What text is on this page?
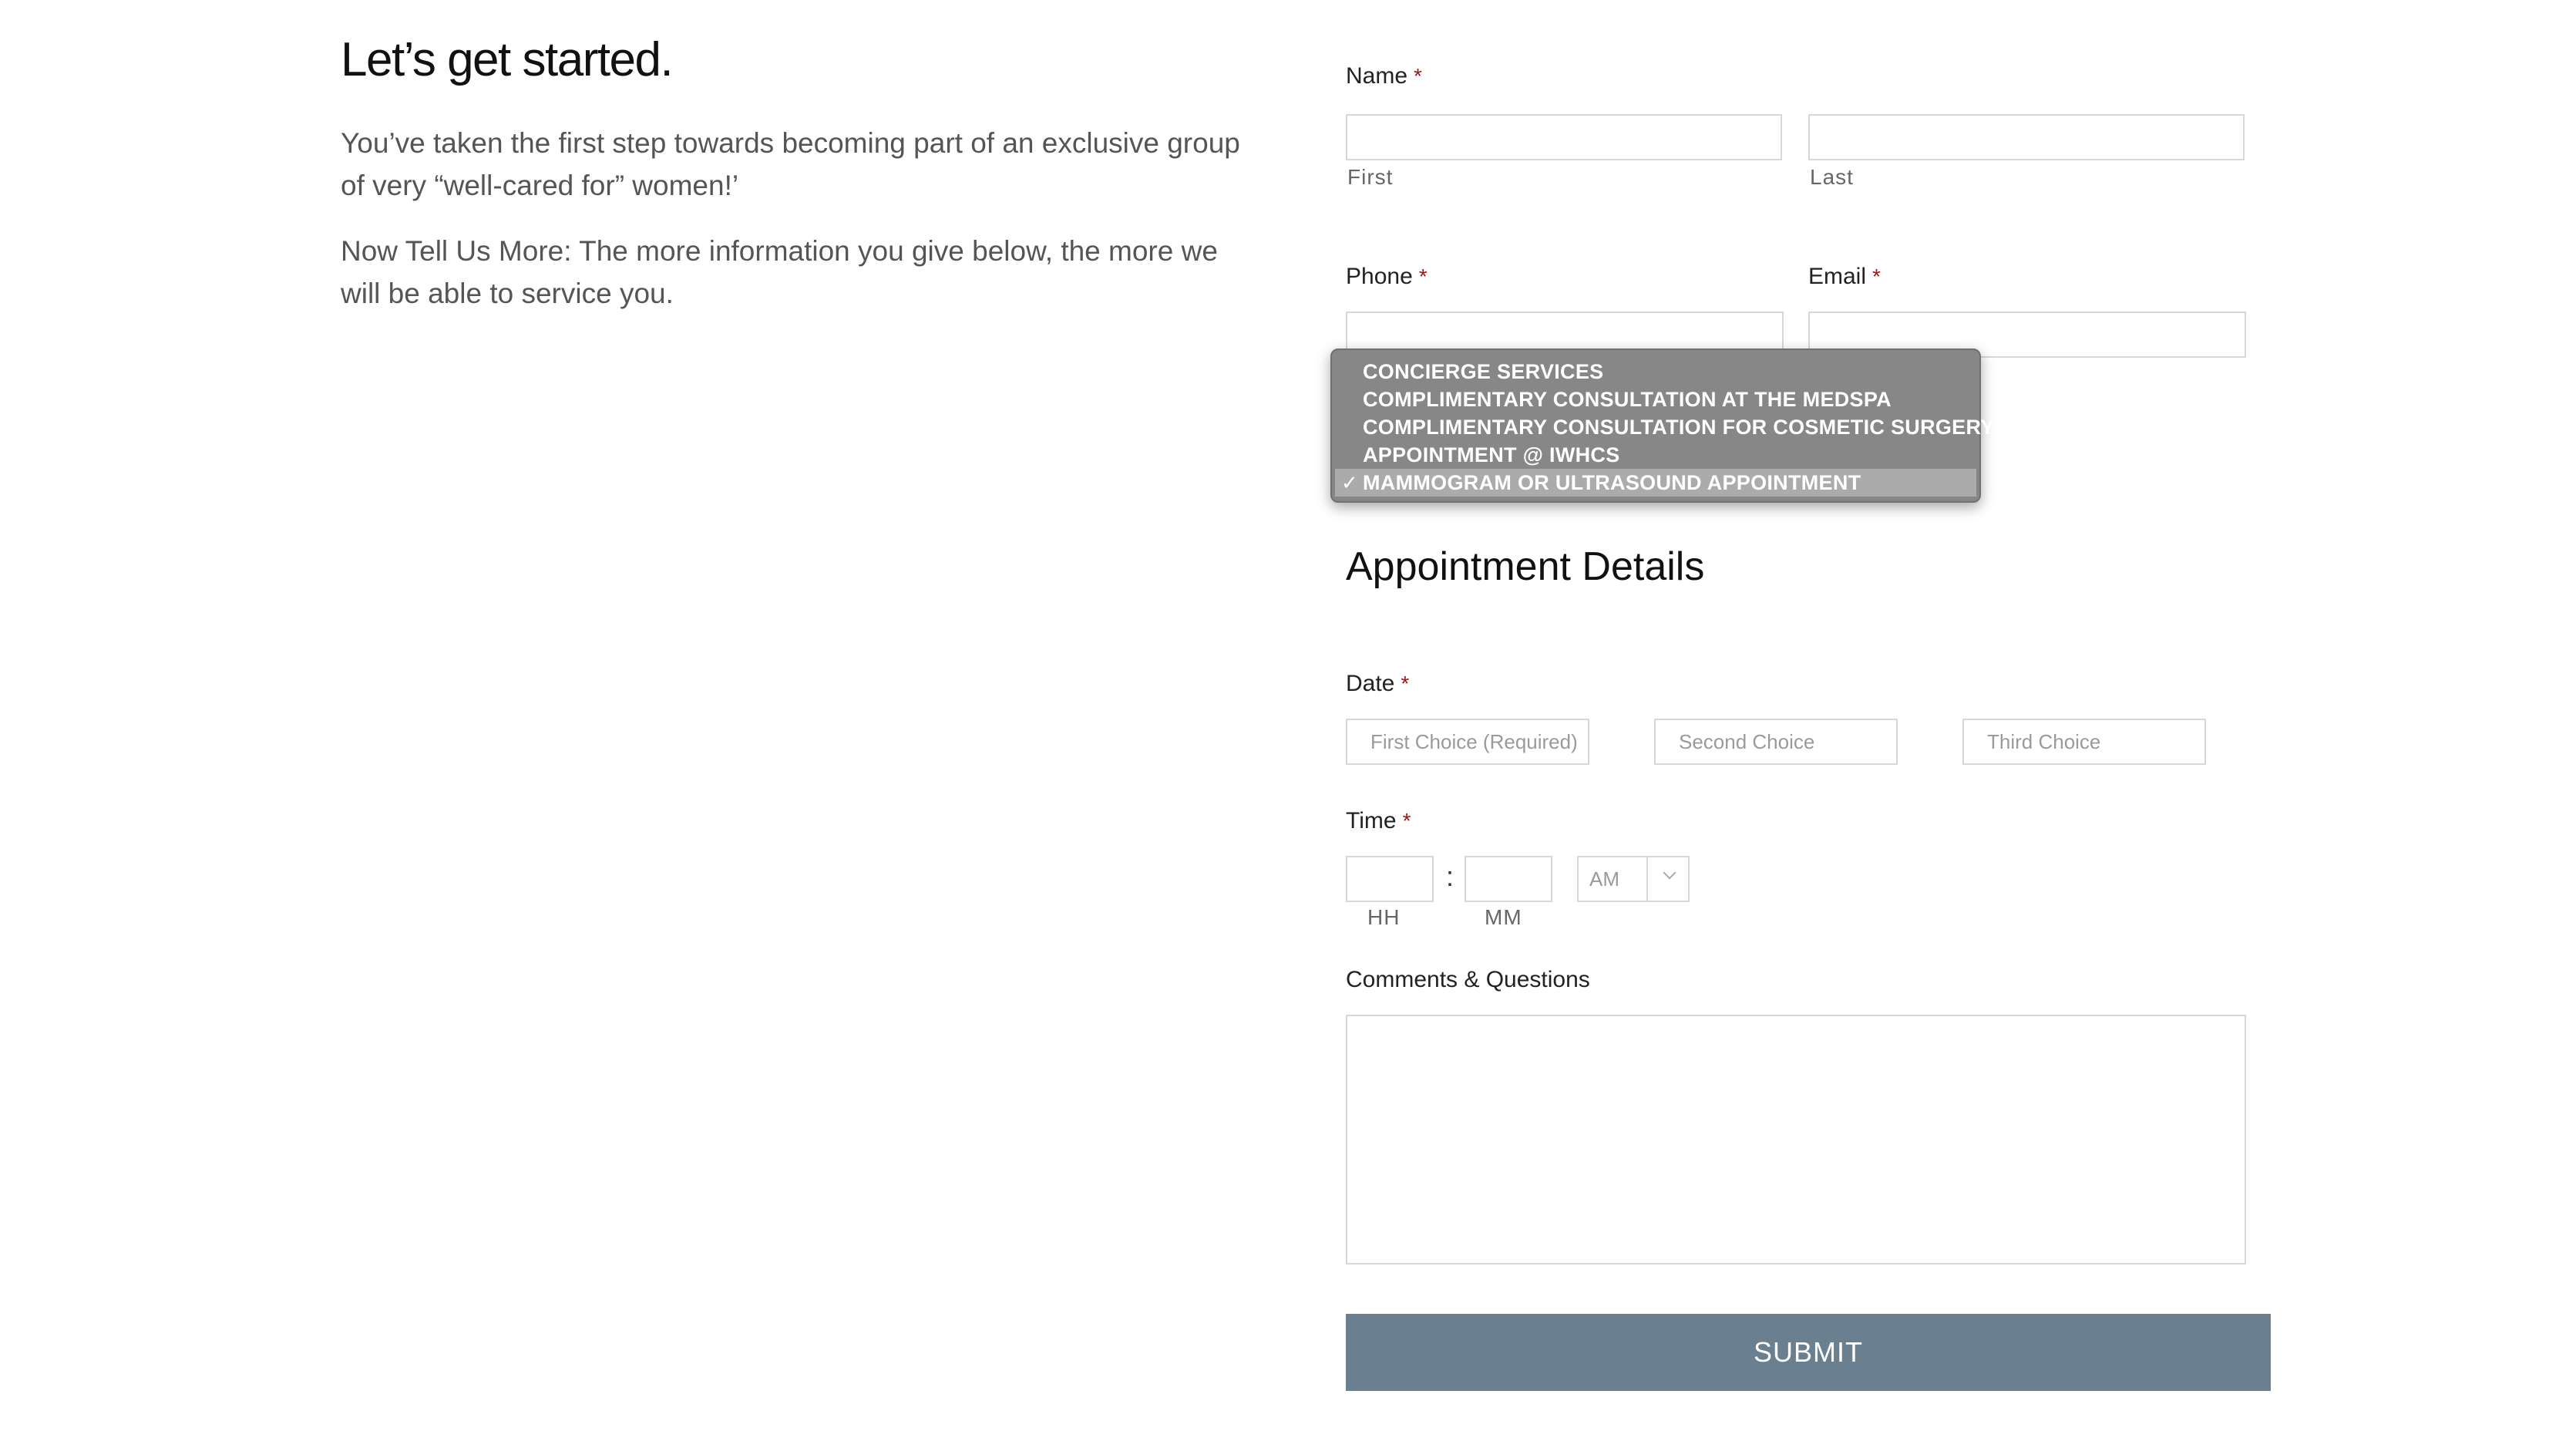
Let’s get started.
You’ve taken the first step towards becoming part of an exclusive group of very “well-cared for” women!’
Now Tell Us More: The more information you give below, the more we will be able to service you.
Name *
First	Last
Phone *	Email *
Appointment Details
Date *
First Choice (Required)	Second Choice	Third Choice
Time *
:
HH	MM
AM
Comments & Questions
SUBMIT
CONCIERGE SERVICES
COMPLIMENTARY CONSULTATION AT THE MEDSPA
COMPLIMENTARY CONSULTATION FOR COSMETIC SURGERY
APPOINTMENT @ IWHCS
✓ MAMMOGRAM OR ULTRASOUND APPOINTMENT
